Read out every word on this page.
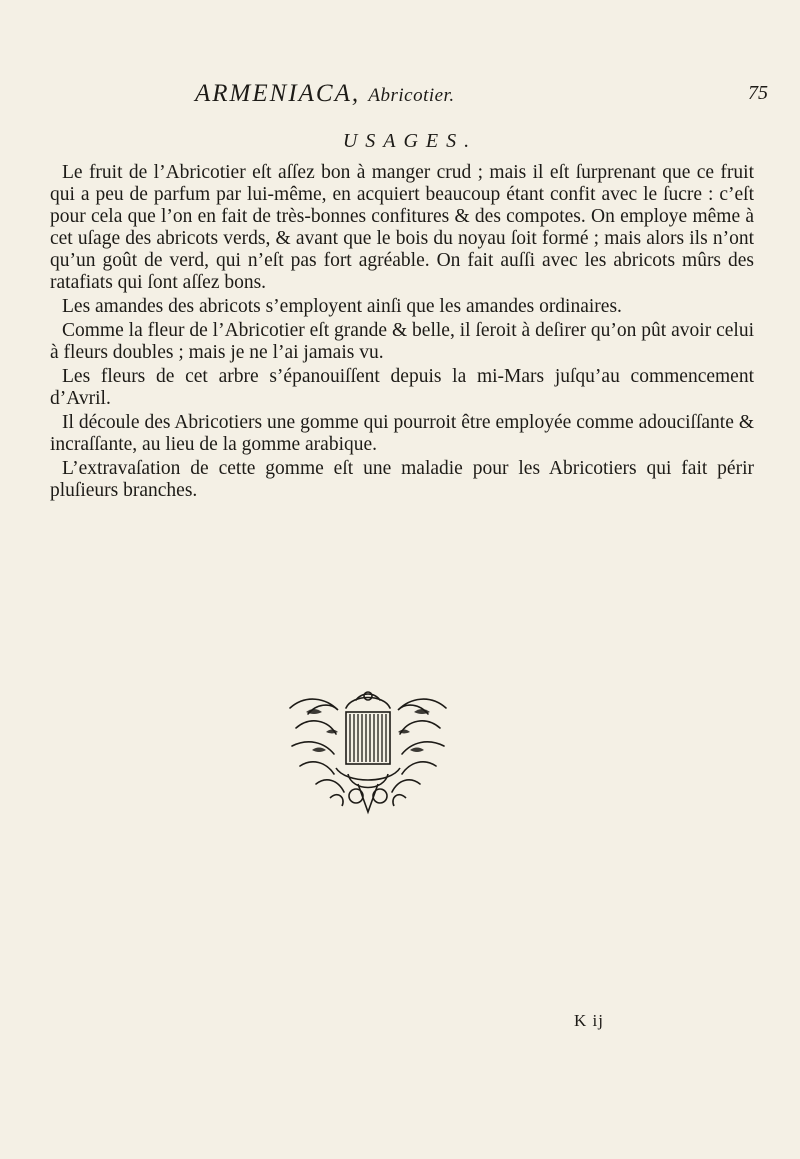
ARMENIACA, Abricotier.	75
USAGES.

Le fruit de l’Abricotier eſt aſſez bon à manger crud ; mais il eſt ſurprenant que ce fruit qui a peu de parfum par lui-même, en acquiert beaucoup étant confit avec le ſucre : c’eſt pour cela que l’on en fait de très-bonnes confitures & des compotes. On employe même à cet uſage des abricots verds, & avant que le bois du noyau ſoit formé ; mais alors ils n’ont qu’un goût de verd, qui n’eſt pas fort agréable. On fait auſſi avec les abricots mûrs des ratafiats qui ſont aſſez bons.

Les amandes des abricots s’employent ainſi que les amandes ordinaires.

Comme la fleur de l’Abricotier eſt grande & belle, il ſeroit à deſirer qu’on pût avoir celui à fleurs doubles ; mais je ne l’ai jamais vu.

Les fleurs de cet arbre s’épanouiſſent depuis la mi-Mars juſqu’au commencement d’Avril.

Il découle des Abricotiers une gomme qui pourroit être employée comme adouciſſante & incraſſante, au lieu de la gomme arabique.

L’extravaſation de cette gomme eſt une maladie pour les Abricotiers qui fait périr pluſieurs branches.

K ij
